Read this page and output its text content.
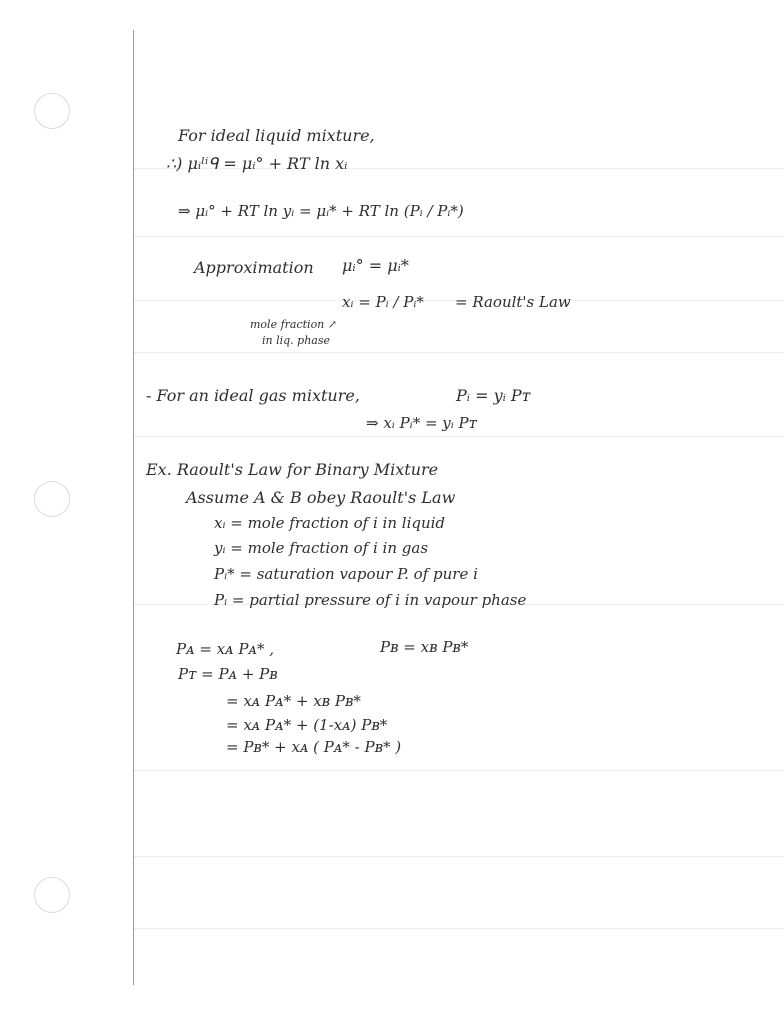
For ideal liquid mixture,
∴) μᵢˡⁱᑫ = μᵢ° + RT ln xᵢ
⇒ μᵢ° + RT ln yᵢ = μᵢ* + RT ln (Pᵢ / Pᵢ*)
Approximation μᵢ° = μᵢ*
xᵢ = Pᵢ / Pᵢ* = Raoult's Law
mole fraction ↗
in liq. phase
- For an ideal gas mixture,	Pᵢ = yᵢ Pᴛ
⇒ xᵢ Pᵢ* = yᵢ Pᴛ
Ex. Raoult's Law for Binary Mixture
Assume A & B obey Raoult's Law
xᵢ = mole fraction of i in liquid
yᵢ = mole fraction of i in gas
Pᵢ* = saturation vapour P. of pure i
Pᵢ = partial pressure of i in vapour phase
Pᴀ = xᴀ Pᴀ* ,	Pʙ = xʙ Pʙ*
Pᴛ = Pᴀ + Pʙ
= xᴀ Pᴀ* + xʙ Pʙ*
= xᴀ Pᴀ* + (1-xᴀ) Pʙ*
= Pʙ* + xᴀ ( Pᴀ* - Pʙ* )
